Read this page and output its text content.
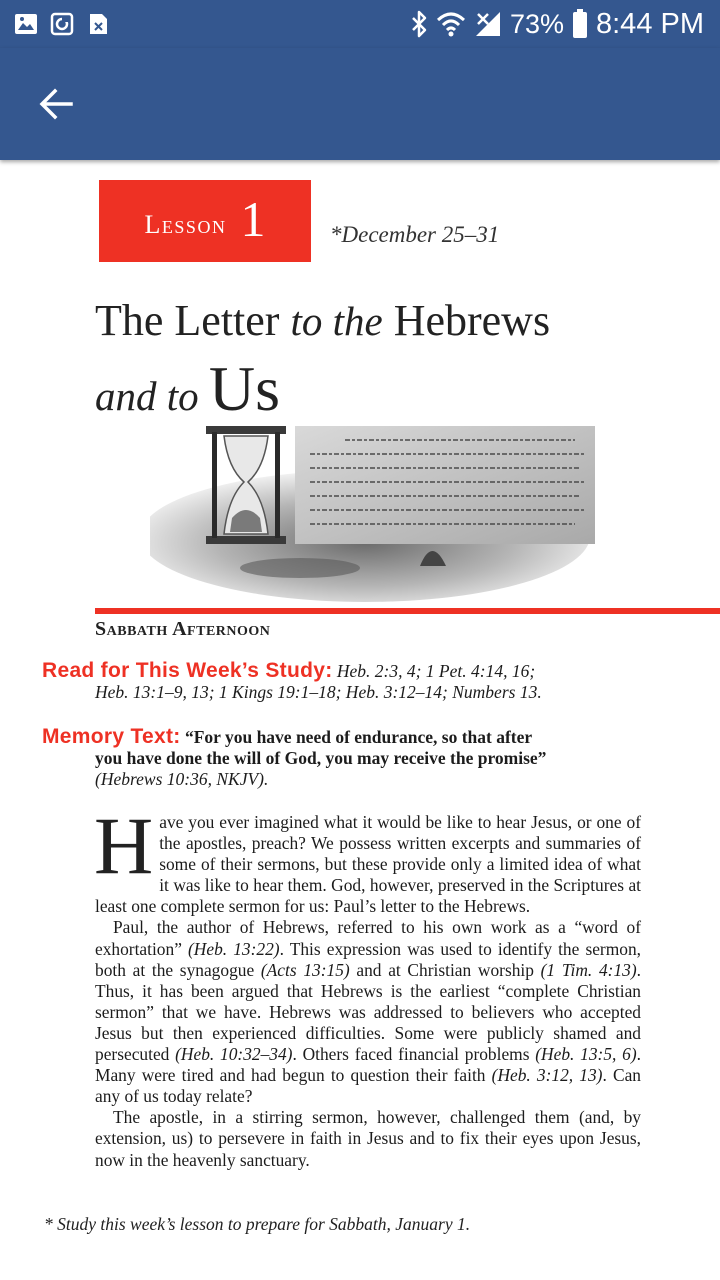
73% 8:44 PM
Lesson 1	*December 25–31
The Letter to the Hebrews
and to Us
Sabbath Afternoon
Read for This Week’s Study: Heb. 2:3, 4; 1 Pet. 4:14, 16;
Heb. 13:1–9, 13; 1 Kings 19:1–18; Heb. 3:12–14; Numbers 13.
Memory Text: “For you have need of endurance, so that after
you have done the will of God, you may receive the promise”
(Hebrews 10:36, NKJV).

Have you ever imagined what it would be like to hear Jesus, or one of the apostles, preach? We possess written excerpts and summaries of some of their sermons, but these provide only a limited idea of what it was like to hear them. God, however, preserved in the Scriptures at least one complete sermon for us: Paul’s letter to the Hebrews.

Paul, the author of Hebrews, referred to his own work as a “word of exhortation” (Heb. 13:22). This expression was used to identify the sermon, both at the synagogue (Acts 13:15) and at Christian worship (1 Tim. 4:13). Thus, it has been argued that Hebrews is the earliest “complete Christian sermon” that we have. Hebrews was addressed to believers who accepted Jesus but then experienced difficulties. Some were publicly shamed and persecuted (Heb. 10:32–34). Others faced financial problems (Heb. 13:5, 6). Many were tired and had begun to question their faith (Heb. 3:12, 13). Can any of us today relate?

The apostle, in a stirring sermon, however, challenged them (and, by extension, us) to persevere in faith in Jesus and to fix their eyes upon Jesus, now in the heavenly sanctuary.

* Study this week’s lesson to prepare for Sabbath, January 1.
